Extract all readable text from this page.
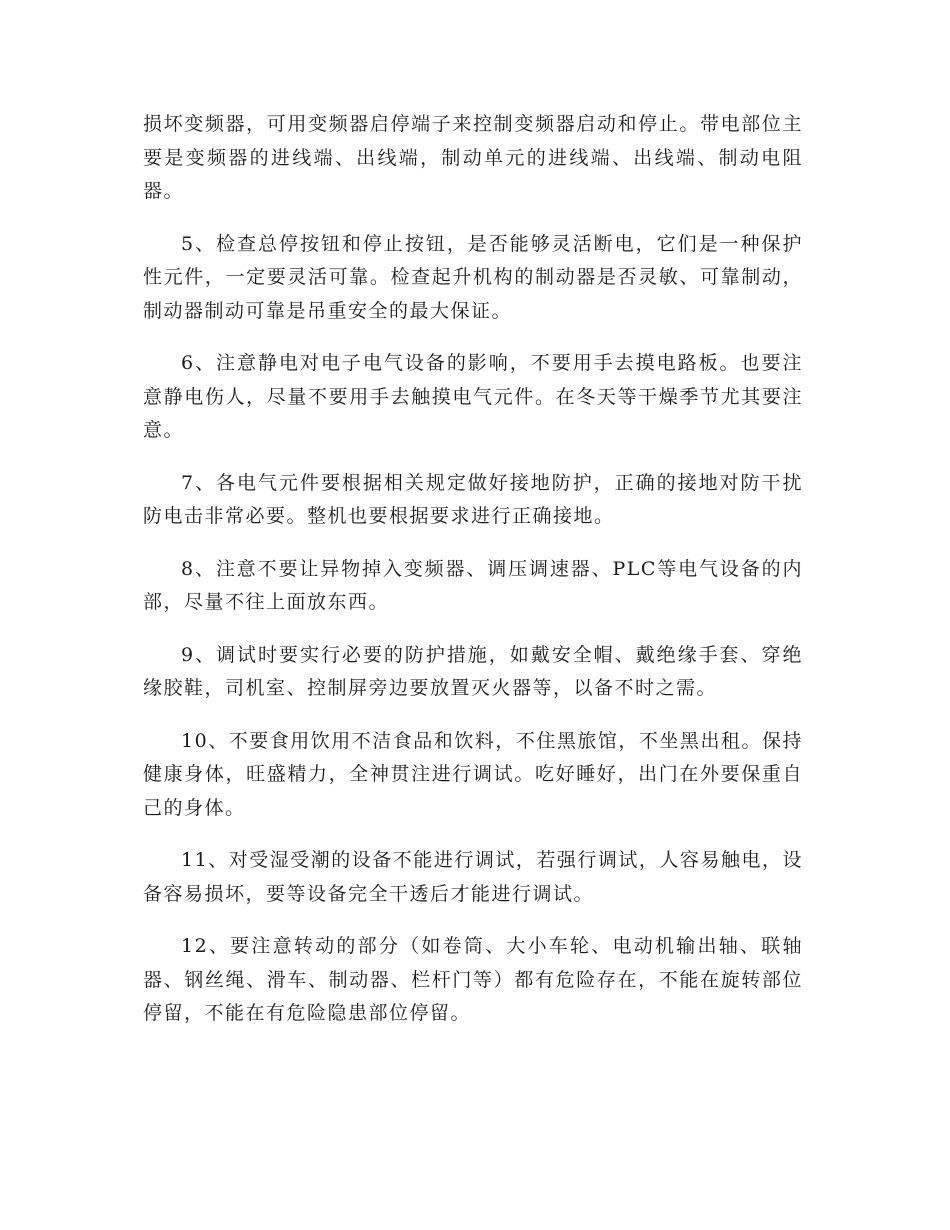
损坏变频器，可用变频器启停端子来控制变频器启动和停止。带电部位主要是变频器的进线端、出线端，制动单元的进线端、出线端、制动电阻器。

5、检查总停按钮和停止按钮，是否能够灵活断电，它们是一种保护性元件，一定要灵活可靠。检查起升机构的制动器是否灵敏、可靠制动，制动器制动可靠是吊重安全的最大保证。

6、注意静电对电子电气设备的影响，不要用手去摸电路板。也要注意静电伤人，尽量不要用手去触摸电气元件。在冬天等干燥季节尤其要注意。

7、各电气元件要根据相关规定做好接地防护，正确的接地对防干扰防电击非常必要。整机也要根据要求进行正确接地。

8、注意不要让异物掉入变频器、调压调速器、PLC等电气设备的内部，尽量不往上面放东西。

9、调试时要实行必要的防护措施，如戴安全帽、戴绝缘手套、穿绝缘胶鞋，司机室、控制屏旁边要放置灭火器等，以备不时之需。

10、不要食用饮用不洁食品和饮料，不住黑旅馆，不坐黑出租。保持健康身体，旺盛精力，全神贯注进行调试。吃好睡好，出门在外要保重自己的身体。

11、对受湿受潮的设备不能进行调试，若强行调试，人容易触电，设备容易损坏，要等设备完全干透后才能进行调试。

12、要注意转动的部分（如卷筒、大小车轮、电动机输出轴、联轴器、钢丝绳、滑车、制动器、栏杆门等）都有危险存在，不能在旋转部位停留，不能在有危险隐患部位停留。
